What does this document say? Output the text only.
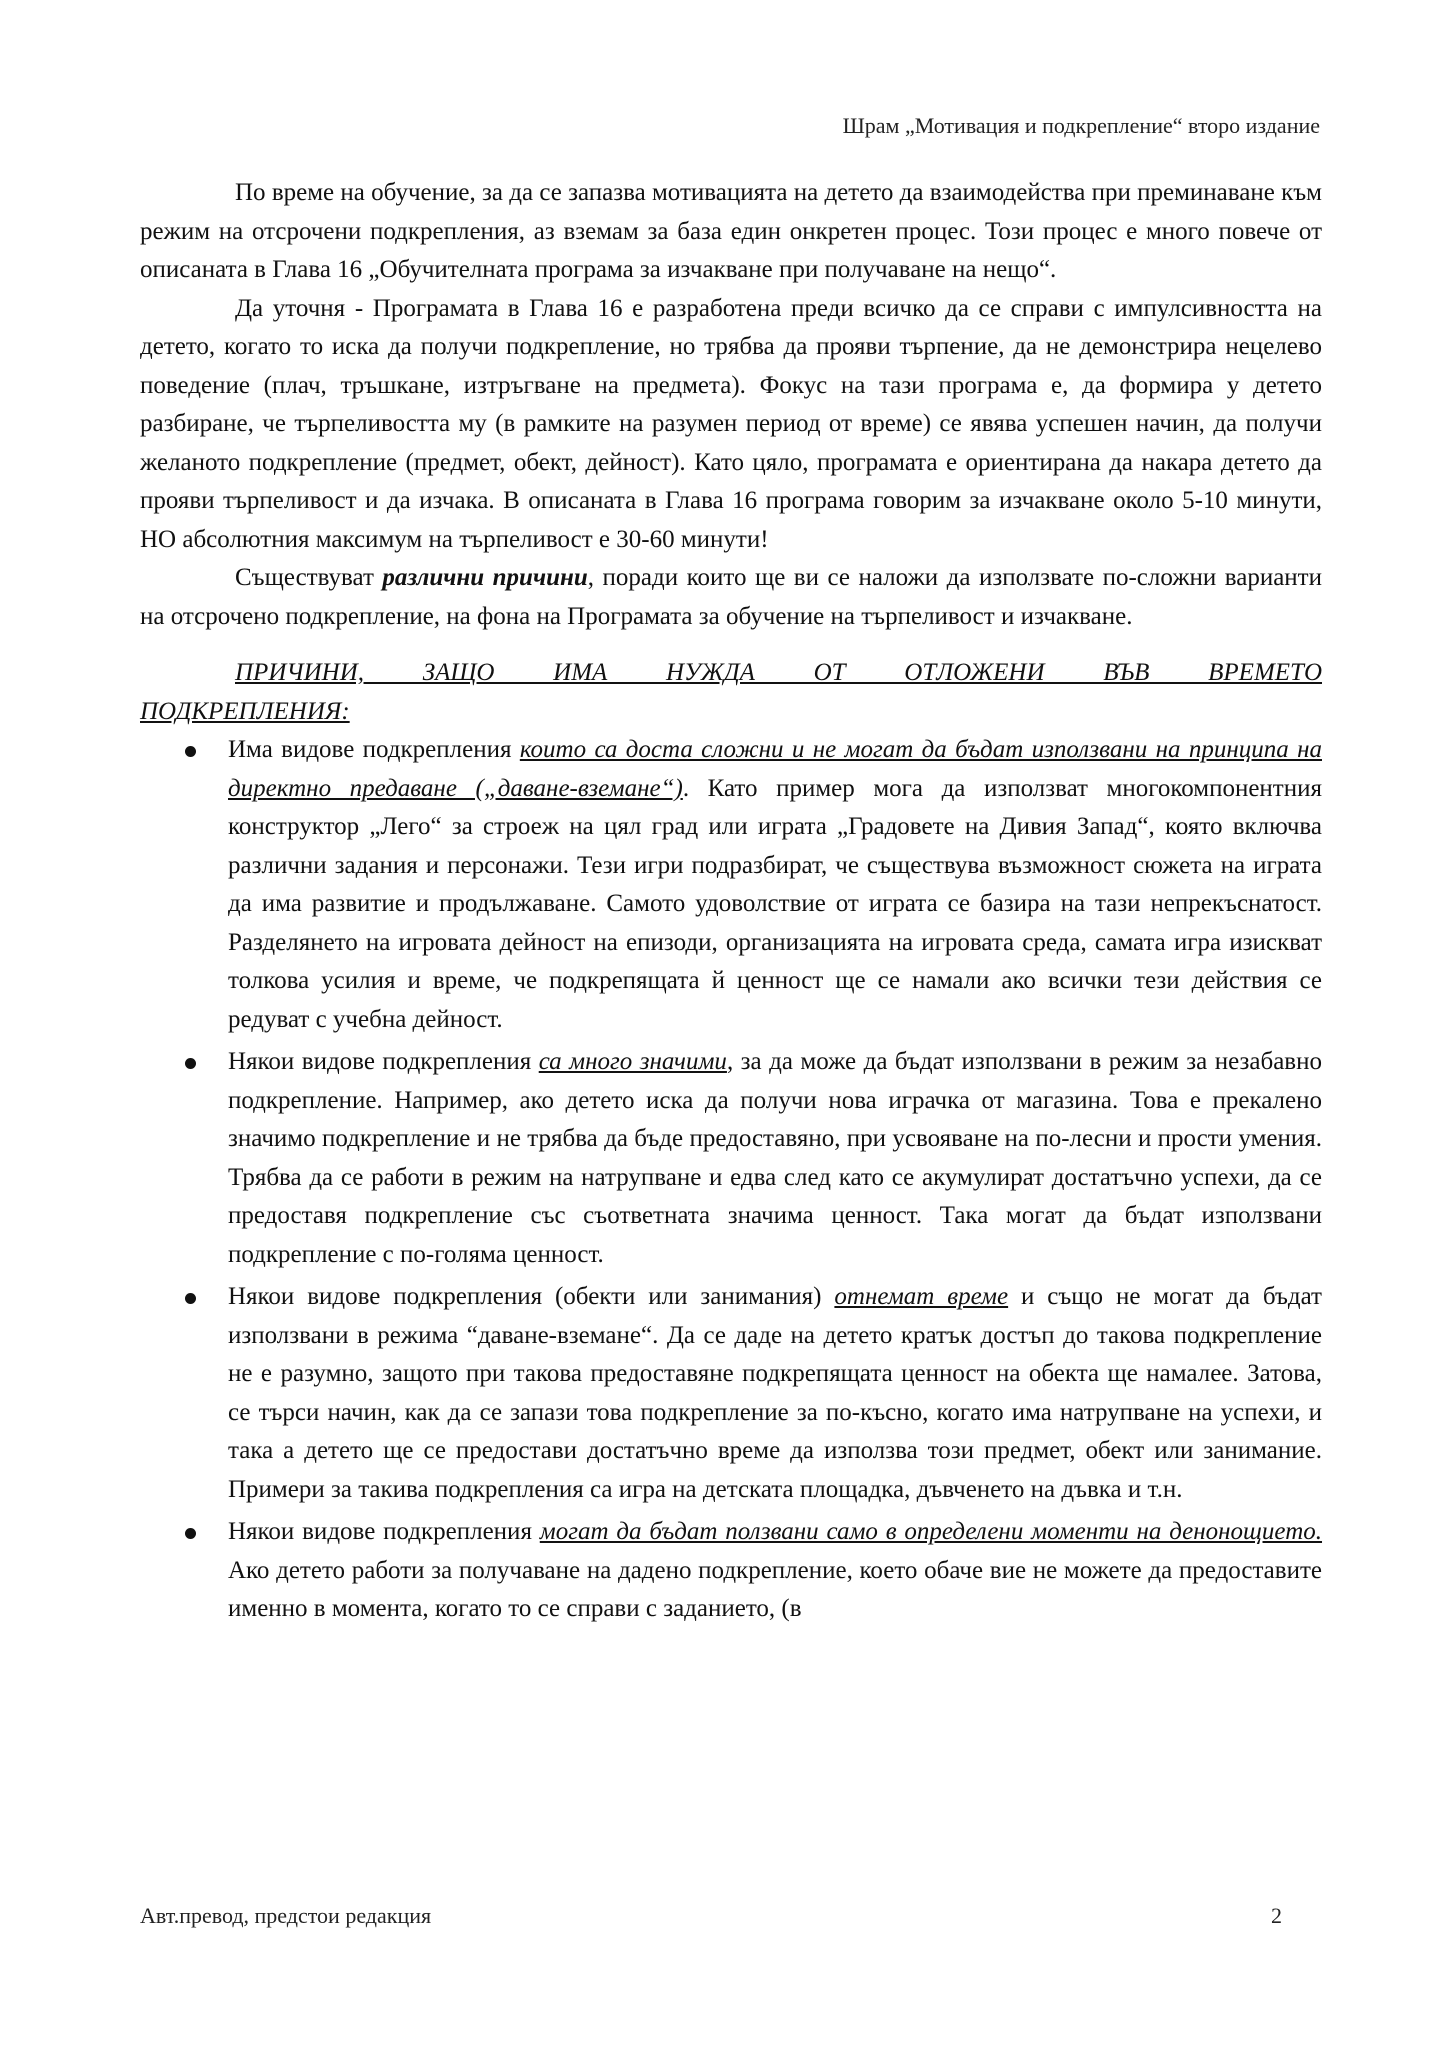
Шрам „Мотивация и подкрепление“ второ издание

По време на обучение, за да се запазва мотивацията на детето да взаимодейства при преминаване към режим на отсрочени подкрепления, аз вземам за база един онкретен процес. Този процес е много повече от описаната в Глава 16 „Обучителната програма за изчакване при получаване на нещо“.

Да уточня - Програмата в Глава 16 е разработена преди всичко да се справи с импулсивността на детето, когато то иска да получи подкрепление, но трябва да прояви търпение, да не демонстрира нецелево поведение (плач, тръшкане, изтръгване на предмета). Фокус на тази програма е, да формира у детето разбиране, че търпеливостта му (в рамките на разумен период от време) се явява успешен начин, да получи желаното подкрепление (предмет, обект, дейност). Като цяло, програмата е ориентирана да накара детето да прояви търпеливост и да изчака. В описаната в Глава 16 програма говорим за изчакване около 5-10 минути, НО абсолютния максимум на търпеливост е 30-60 минути!

Съществуват различни причини, поради които ще ви се наложи да използвате по-сложни варианти на отсрочено подкрепление, на фона на Програмата за обучение на търпеливост и изчакване.

ПРИЧИНИ, ЗАЩО ИМА НУЖДА ОТ ОТЛОЖЕНИ ВЪВ ВРЕМЕТО
ПОДКРЕПЛЕНИЯ:

Има видове подкрепления които са доста сложни и не могат да бъдат използвани на принципа на директно предаване („даване-вземане“). Като пример мога да използват многокомпонентния конструктор „Лего“ за строеж на цял град или играта „Градовете на Дивия Запад“, която включва различни задания и персонажи. Тези игри подразбират, че съществува възможност сюжета на играта да има развитие и продължаване. Самото удоволствие от играта се базира на тази непрекъснатост. Разделянето на игровата дейност на епизоди, организацията на игровата среда, самата игра изискват толкова усилия и време, че подкрепящата й ценност ще се намали ако всички тези действия се редуват с учебна дейност.
Някои видове подкрепления са много значими, за да може да бъдат използвани в режим за незабавно подкрепление. Например, ако детето иска да получи нова играчка от магазина. Това е прекалено значимо подкрепление и не трябва да бъде предоставяно, при усвояване на по-лесни и прости умения. Трябва да се работи в режим на натрупване и едва след като се акумулират достатъчно успехи, да се предоставя подкрепление със съответната значима ценност. Така могат да бъдат използвани подкрепление с по-голяма ценност.
Някои видове подкрепления (обекти или занимания) отнемат време и също не могат да бъдат използвани в режима “даване-вземане“. Да се даде на детето кратък достъп до такова подкрепление не е разумно, защото при такова предоставяне подкрепящата ценност на обекта ще намалее. Затова, се търси начин, как да се запази това подкрепление за по-късно, когато има натрупване на успехи, и така а детето ще се предостави достатъчно време да използва този предмет, обект или занимание. Примери за такива подкрепления са игра на детската площадка, дъвченето на дъвка и т.н.
Някои видове подкрепления могат да бъдат ползвани само в определени моменти на денонощието. Ако детето работи за получаване на дадено подкрепление, което обаче вие не можете да предоставите именно в момента, когато то се справи с заданието, (в
Авт.превод, предстои редакция	2
